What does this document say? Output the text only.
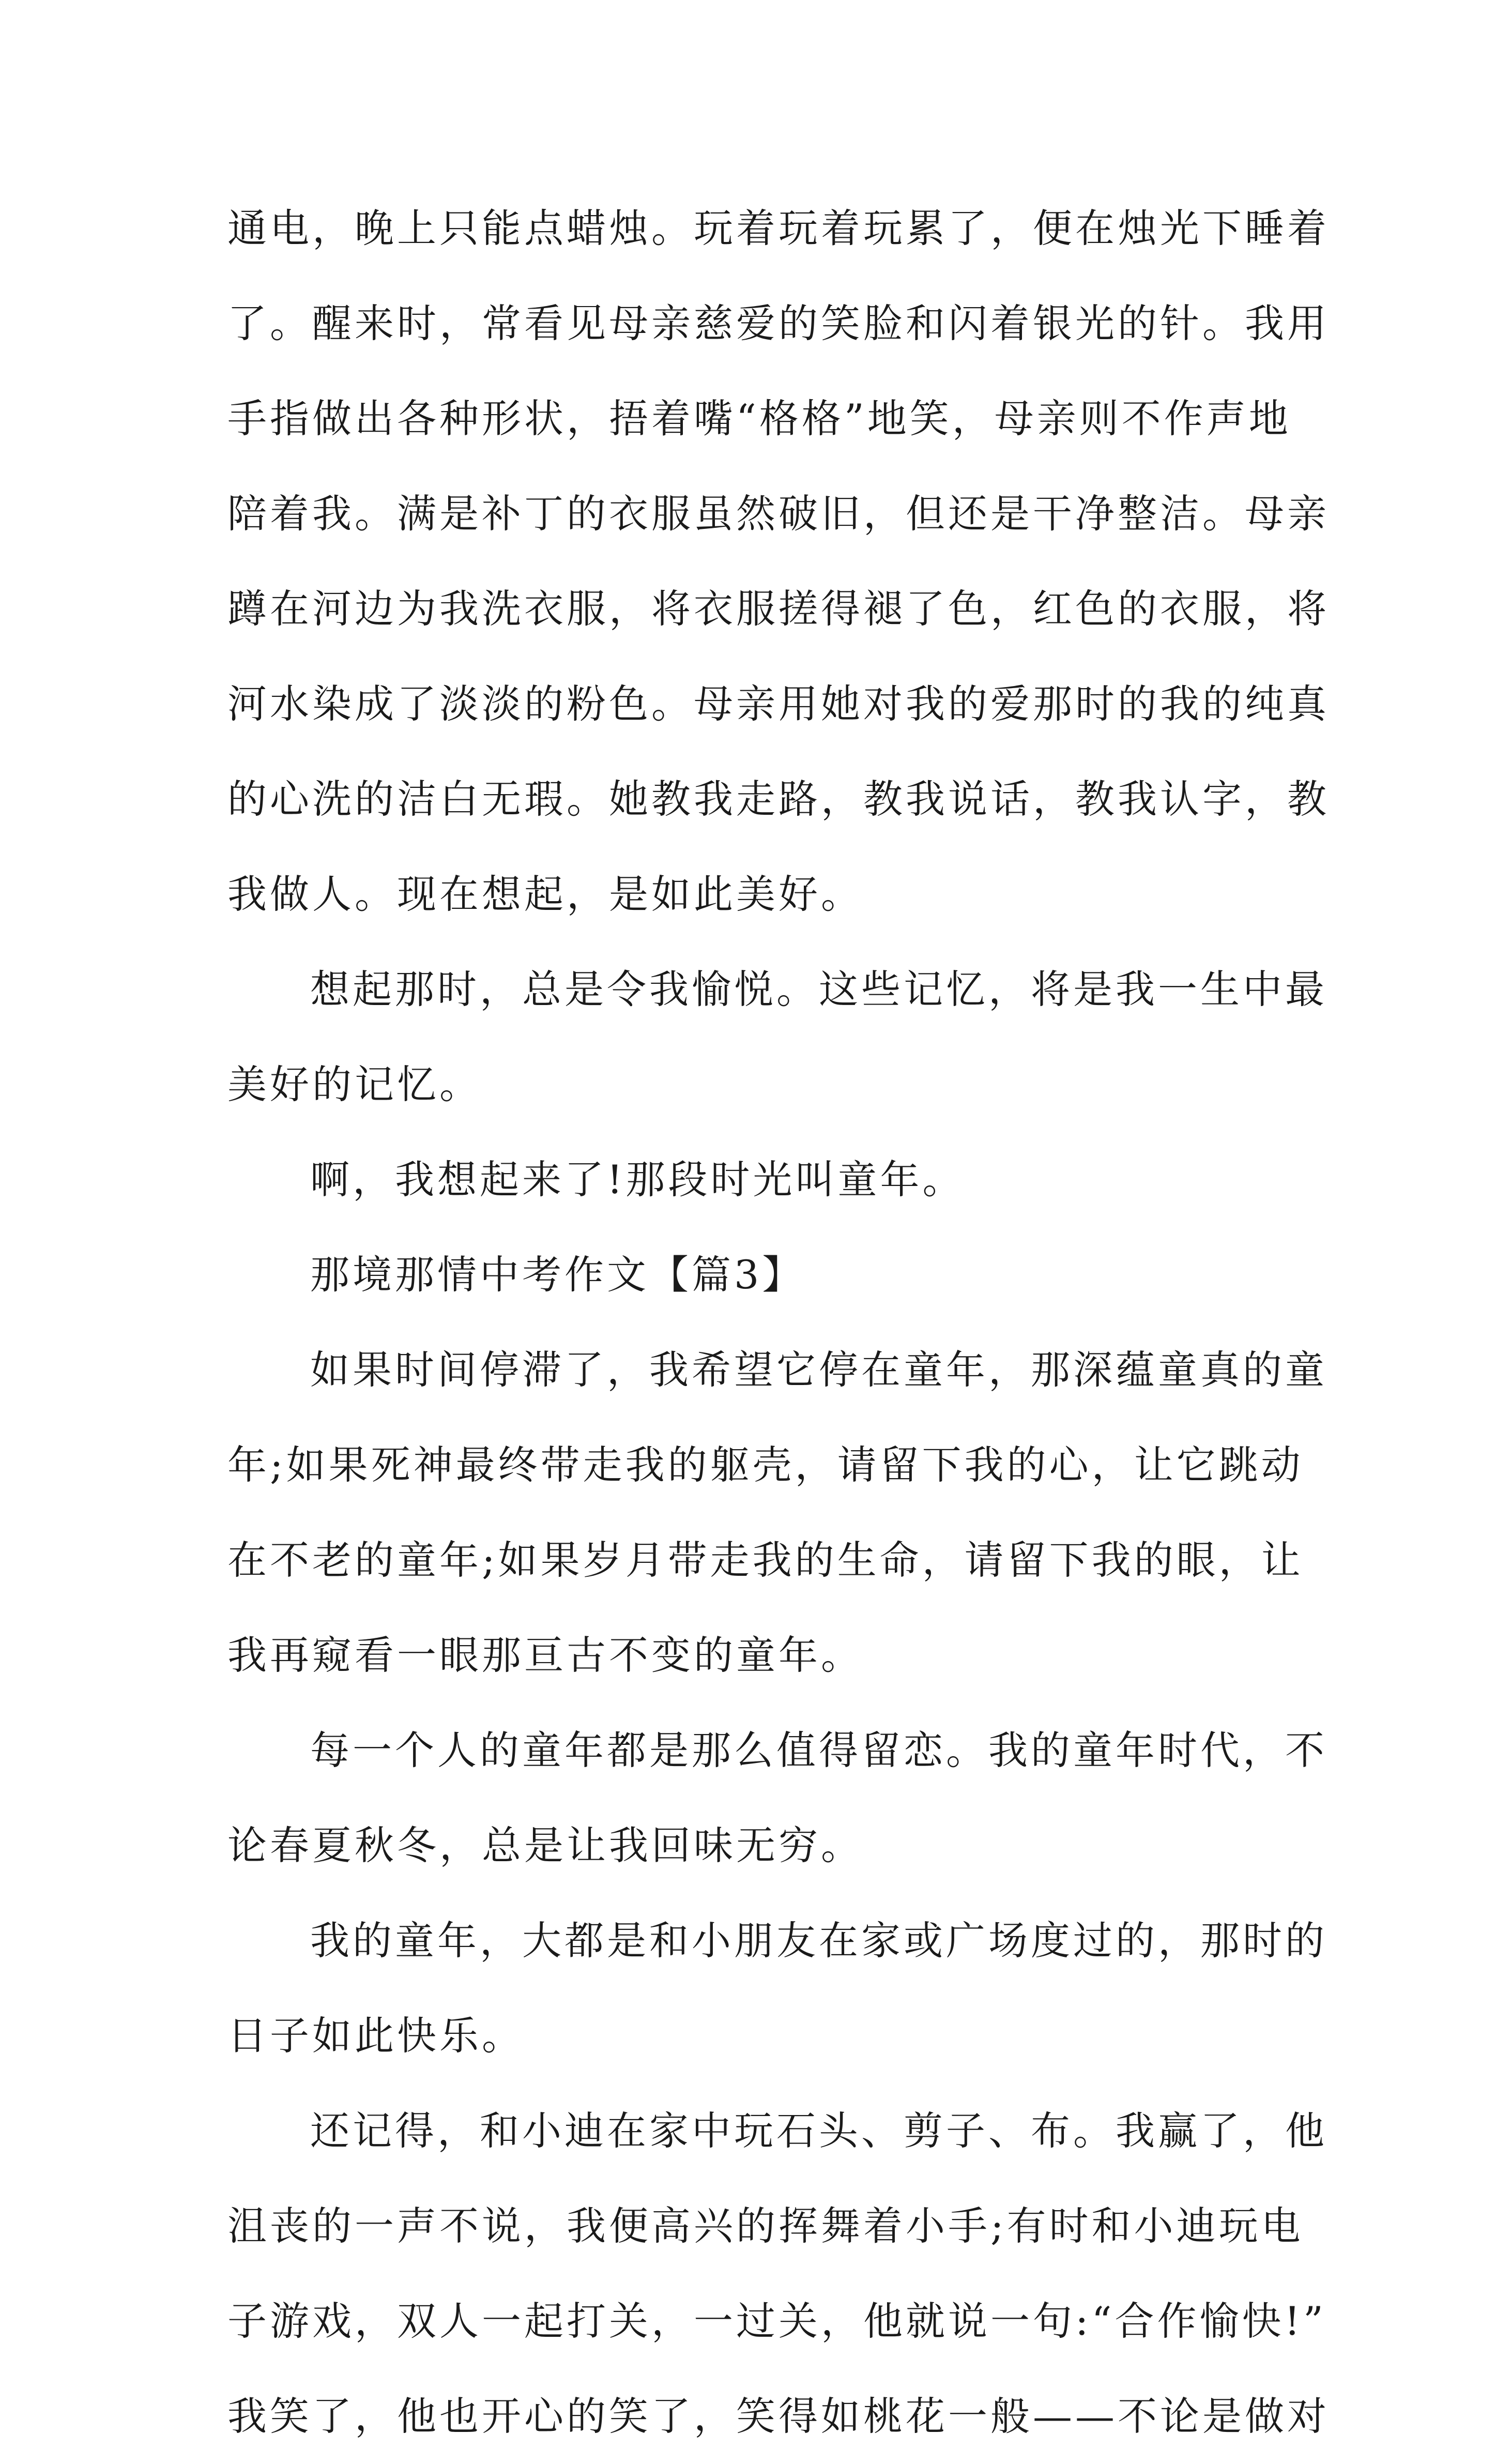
通电，晚上只能点蜡烛。玩着玩着玩累了，便在烛光下睡着
了。醒来时，常看见母亲慈爱的笑脸和闪着银光的针。我用
手指做出各种形状，捂着嘴“格格”地笑，母亲则不作声地
陪着我。满是补丁的衣服虽然破旧，但还是干净整洁。母亲
蹲在河边为我洗衣服，将衣服搓得褪了色，红色的衣服，将
河水染成了淡淡的粉色。母亲用她对我的爱那时的我的纯真
的心洗的洁白无瑕。她教我走路，教我说话，教我认字，教
我做人。现在想起，是如此美好。
想起那时，总是令我愉悦。这些记忆，将是我一生中最
美好的记忆。
啊，我想起来了!那段时光叫童年。
那境那情中考作文【篇3】
如果时间停滞了，我希望它停在童年，那深蕴童真的童
年;如果死神最终带走我的躯壳，请留下我的心，让它跳动
在不老的童年;如果岁月带走我的生命，请留下我的眼，让
我再窥看一眼那亘古不变的童年。
每一个人的童年都是那么值得留恋。我的童年时代，不
论春夏秋冬，总是让我回味无穷。
我的童年，大都是和小朋友在家或广场度过的，那时的
日子如此快乐。
还记得，和小迪在家中玩石头、剪子、布。我赢了，他
沮丧的一声不说，我便高兴的挥舞着小手;有时和小迪玩电
子游戏，双人一起打关，一过关，他就说一句:“合作愉快!”
我笑了，他也开心的笑了，笑得如桃花一般——不论是做对
